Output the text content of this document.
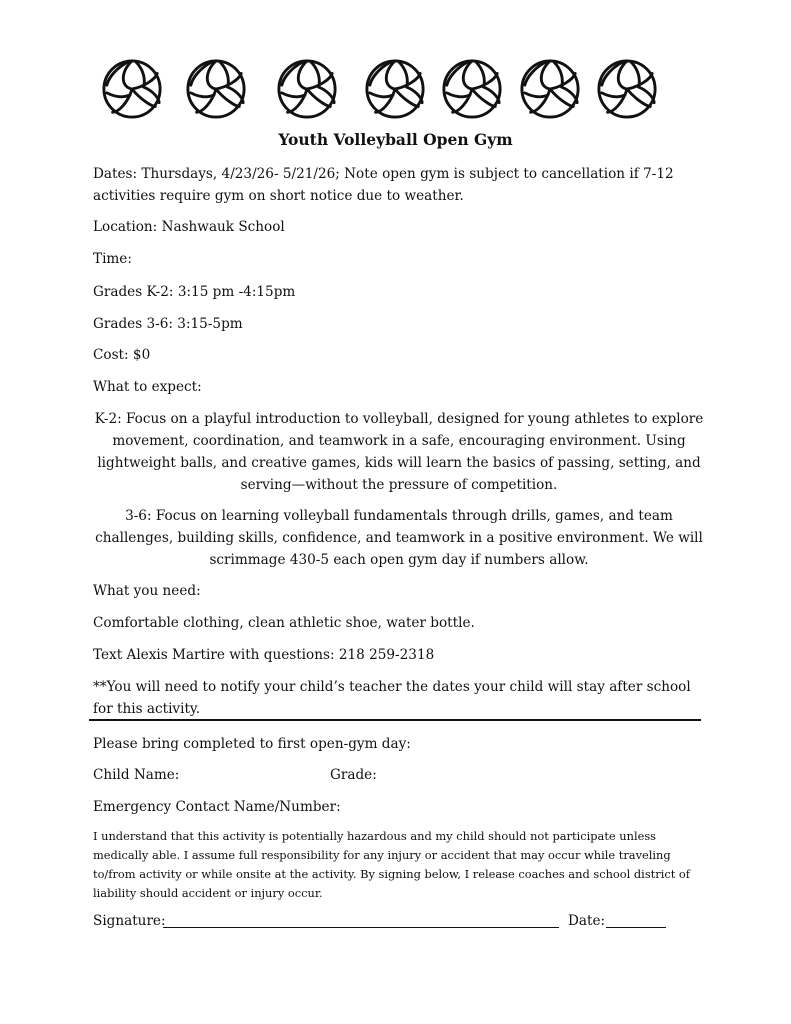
Youth Volleyball Open Gym

Dates: Thursdays, 4/23/26- 5/21/26; Note open gym is subject to cancellation if 7-12 activities require gym on short notice due to weather.

Location: Nashwauk School

Time:

Grades K-2: 3:15 pm -4:15pm

Grades 3-6: 3:15-5pm

Cost: $0

What to expect:

K-2: Focus on a playful introduction to volleyball, designed for young athletes to explore movement, coordination, and teamwork in a safe, encouraging environment. Using lightweight balls, and creative games, kids will learn the basics of passing, setting, and serving—without the pressure of competition.

3-6: Focus on learning volleyball fundamentals through drills, games, and team challenges, building skills, confidence, and teamwork in a positive environment. We will scrimmage 430-5 each open gym day if numbers allow.

What you need:

Comfortable clothing, clean athletic shoe, water bottle.

Text Alexis Martire with questions: 218 259-2318

**You will need to notify your child’s teacher the dates your child will stay after school for this activity.

Please bring completed to first open-gym day:

Child Name:	Grade:

Emergency Contact Name/Number:

I understand that this activity is potentially hazardous and my child should not participate unless medically able. I assume full responsibility for any injury or accident that may occur while traveling to/from activity or while onsite at the activity. By signing below, I release coaches and school district of liability should accident or injury occur.

Signature:	Date:
